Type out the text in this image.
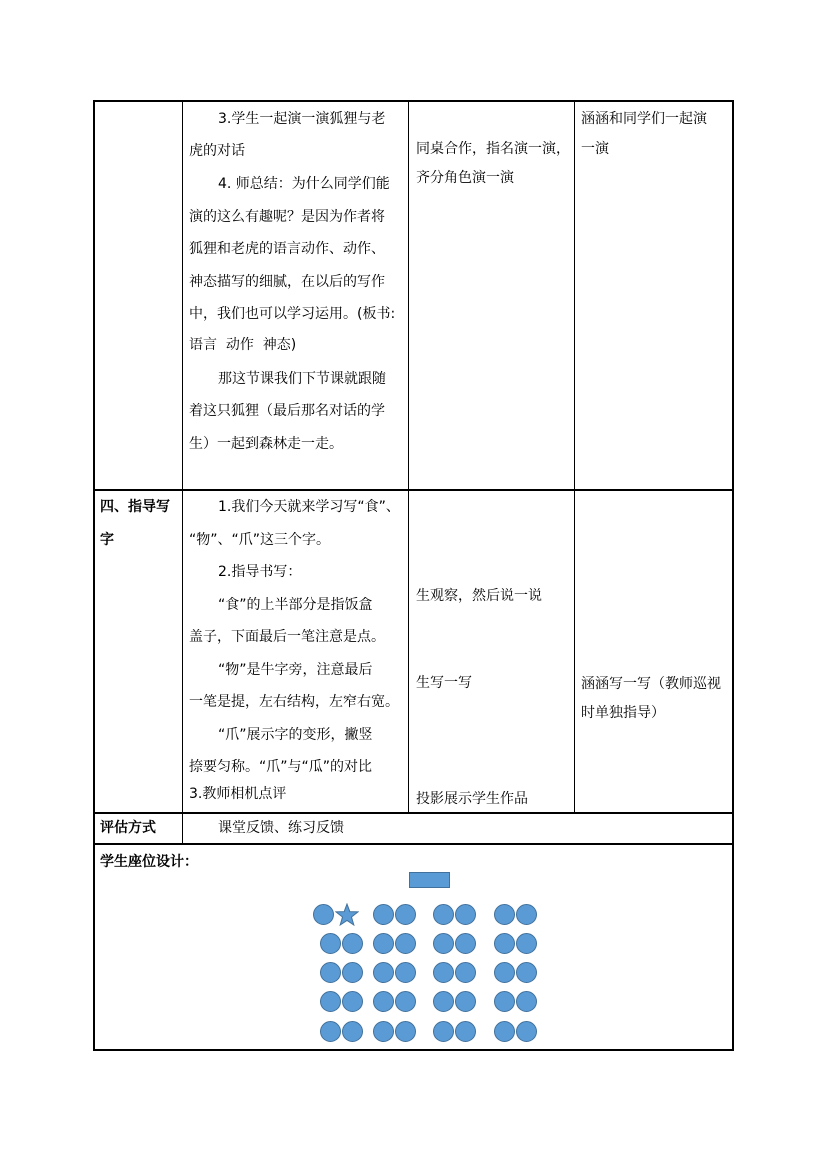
3.学生一起演一演狐狸与老
虎的对话
4. 师总结：为什么同学们能
演的这么有趣呢？是因为作者将
狐狸和老虎的语言动作、动作、
神态描写的细腻，在以后的写作
中，我们也可以学习运用。(板书:
语言  动作  神态)
那这节课我们下节课就跟随
着这只狐狸（最后那名对话的学
生）一起到森林走一走。
同桌合作，指名演一演，
齐分角色演一演
涵涵和同学们一起演
一演
四、指导写
字
1.我们今天就来学习写“食”、
“物”、“爪”这三个字。
2.指导书写：
“食”的上半部分是指饭盒
盖子，下面最后一笔注意是点。
“物”是牛字旁，注意最后
一笔是提，左右结构，左窄右宽。
“爪”展示字的变形，撇竖
捺要匀称。“爪”与“瓜”的对比
3.教师相机点评
生观察，然后说一说
生写一写
投影展示学生作品
涵涵写一写（教师巡视
时单独指导）
评估方式	课堂反馈、练习反馈
学生座位设计：
